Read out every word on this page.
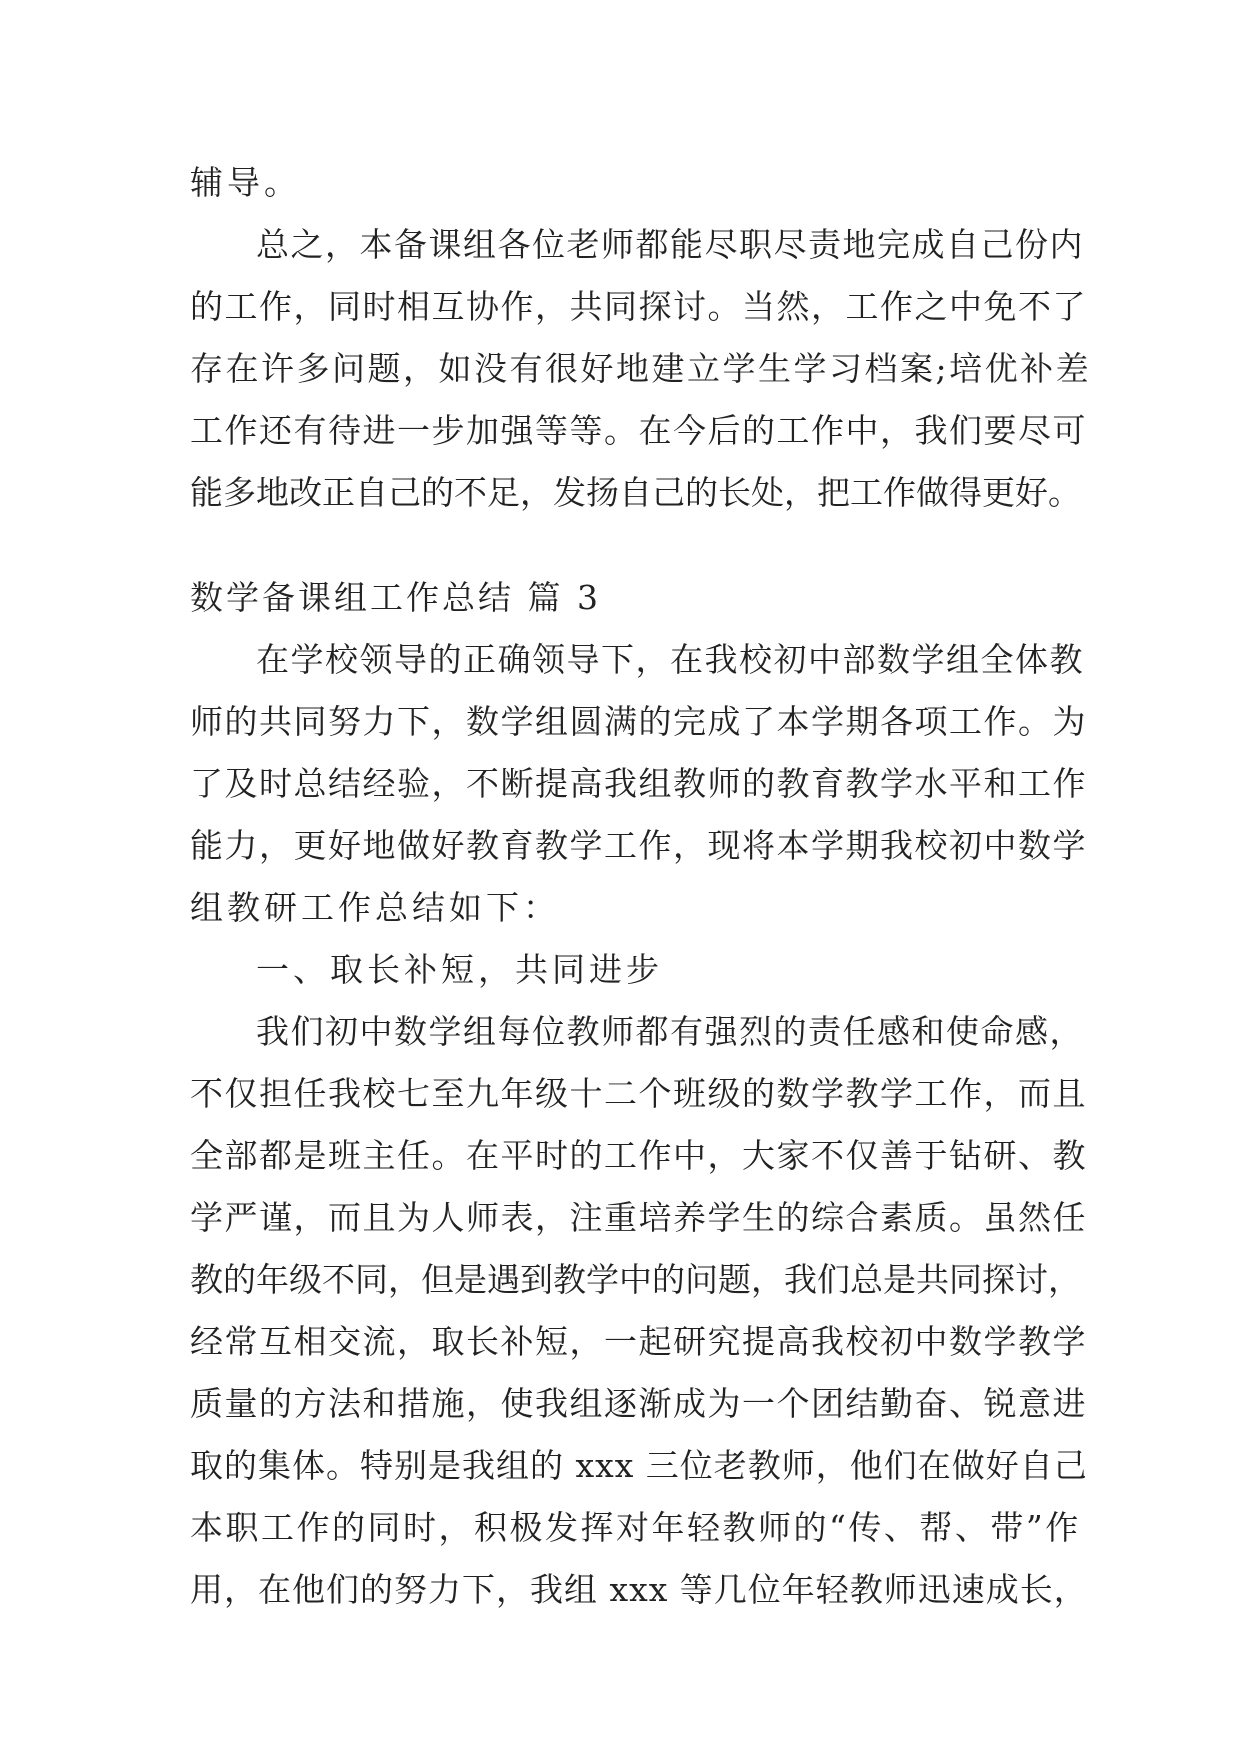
辅导。
总之，本备课组各位老师都能尽职尽责地完成自己份内
的工作，同时相互协作，共同探讨。当然，工作之中免不了
存在许多问题，如没有很好地建立学生学习档案;培优补差
工作还有待进一步加强等等。在今后的工作中，我们要尽可
能多地改正自己的不足，发扬自己的长处，把工作做得更好。
数学备课组工作总结 篇 3
在学校领导的正确领导下，在我校初中部数学组全体教
师的共同努力下，数学组圆满的完成了本学期各项工作。为
了及时总结经验，不断提高我组教师的教育教学水平和工作
能力，更好地做好教育教学工作，现将本学期我校初中数学
组教研工作总结如下：
一、取长补短，共同进步
我们初中数学组每位教师都有强烈的责任感和使命感，
不仅担任我校七至九年级十二个班级的数学教学工作，而且
全部都是班主任。在平时的工作中，大家不仅善于钻研、教
学严谨，而且为人师表，注重培养学生的综合素质。虽然任
教的年级不同，但是遇到教学中的问题，我们总是共同探讨，
经常互相交流，取长补短，一起研究提高我校初中数学教学
质量的方法和措施，使我组逐渐成为一个团结勤奋、锐意进
取的集体。特别是我组的 xxx 三位老教师，他们在做好自己
本职工作的同时，积极发挥对年轻教师的“传、帮、带”作
用，在他们的努力下，我组 xxx 等几位年轻教师迅速成长，
